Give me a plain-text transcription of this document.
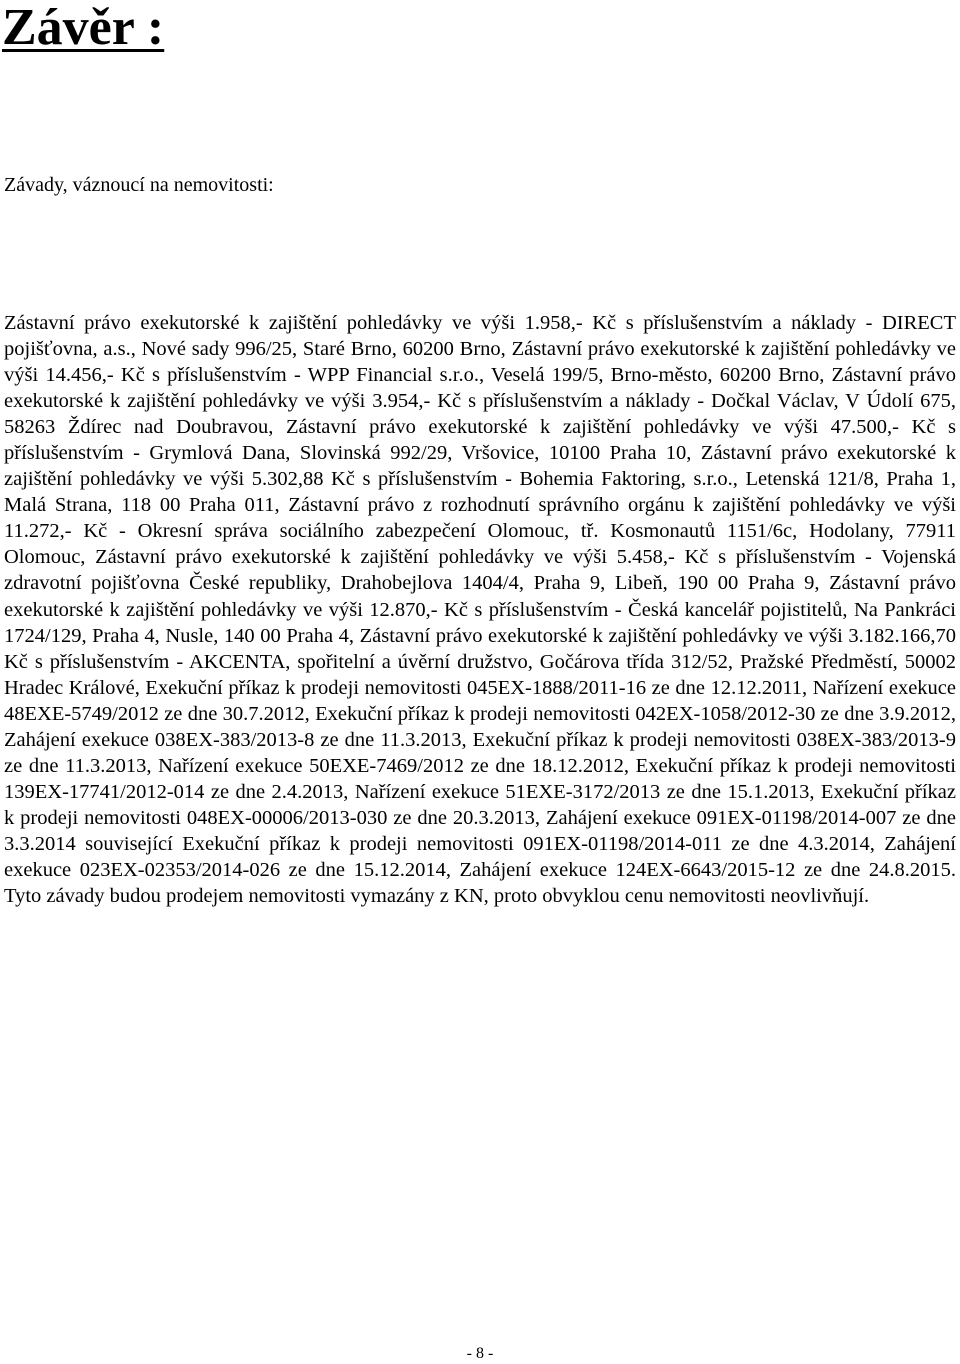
Závěr :

Závady, váznoucí na nemovitosti:

Zástavní právo exekutorské k zajištění pohledávky ve výši 1.958,- Kč s příslušenstvím a náklady - DIRECT pojišťovna, a.s., Nové sady 996/25, Staré Brno, 60200 Brno, Zástavní právo exekutorské k zajištění pohledávky ve výši 14.456,- Kč s příslušenstvím - WPP Financial s.r.o., Veselá 199/5, Brno-město, 60200 Brno, Zástavní právo exekutorské k zajištění pohledávky ve výši 3.954,- Kč s příslušenstvím a náklady - Dočkal Václav, V Údolí 675, 58263 Ždírec nad Doubravou, Zástavní právo exekutorské k zajištění pohledávky ve výši 47.500,- Kč s příslušenstvím - Grymlová Dana, Slovinská 992/29, Vršovice, 10100 Praha 10, Zástavní právo exekutorské k zajištění pohledávky ve výši 5.302,88 Kč s příslušenstvím - Bohemia Faktoring, s.r.o., Letenská 121/8, Praha 1, Malá Strana, 118 00 Praha 011, Zástavní právo z rozhodnutí správního orgánu k zajištění pohledávky ve výši 11.272,- Kč - Okresní správa sociálního zabezpečení Olomouc, tř. Kosmonautů 1151/6c, Hodolany, 77911 Olomouc, Zástavní právo exekutorské k zajištění pohledávky ve výši 5.458,- Kč s příslušenstvím - Vojenská zdravotní pojišťovna České republiky, Drahobejlova 1404/4, Praha 9, Libeň, 190 00 Praha 9, Zástavní právo exekutorské k zajištění pohledávky ve výši 12.870,- Kč s příslušenstvím - Česká kancelář pojistitelů, Na Pankráci 1724/129, Praha 4, Nusle, 140 00 Praha 4, Zástavní právo exekutorské k zajištění pohledávky ve výši 3.182.166,70 Kč s příslušenstvím - AKCENTA, spořitelní a úvěrní družstvo, Gočárova třída 312/52, Pražské Předměstí, 50002 Hradec Králové, Exekuční příkaz k prodeji nemovitosti 045EX-1888/2011-16 ze dne 12.12.2011, Nařízení exekuce 48EXE-5749/2012 ze dne 30.7.2012, Exekuční příkaz k prodeji nemovitosti 042EX-1058/2012-30 ze dne 3.9.2012, Zahájení exekuce 038EX-383/2013-8 ze dne 11.3.2013, Exekuční příkaz k prodeji nemovitosti 038EX-383/2013-9 ze dne 11.3.2013, Nařízení exekuce 50EXE-7469/2012 ze dne 18.12.2012, Exekuční příkaz k prodeji nemovitosti 139EX-17741/2012-014 ze dne 2.4.2013, Nařízení exekuce 51EXE-3172/2013 ze dne 15.1.2013, Exekuční příkaz k prodeji nemovitosti 048EX-00006/2013-030 ze dne 20.3.2013, Zahájení exekuce 091EX-01198/2014-007 ze dne 3.3.2014 související Exekuční příkaz k prodeji nemovitosti 091EX-01198/2014-011 ze dne 4.3.2014, Zahájení exekuce 023EX-02353/2014-026 ze dne 15.12.2014, Zahájení exekuce 124EX-6643/2015-12 ze dne 24.8.2015. Tyto závady budou prodejem nemovitosti vymazány z KN, proto obvyklou cenu nemovitosti neovlivňují.

- 8 -
